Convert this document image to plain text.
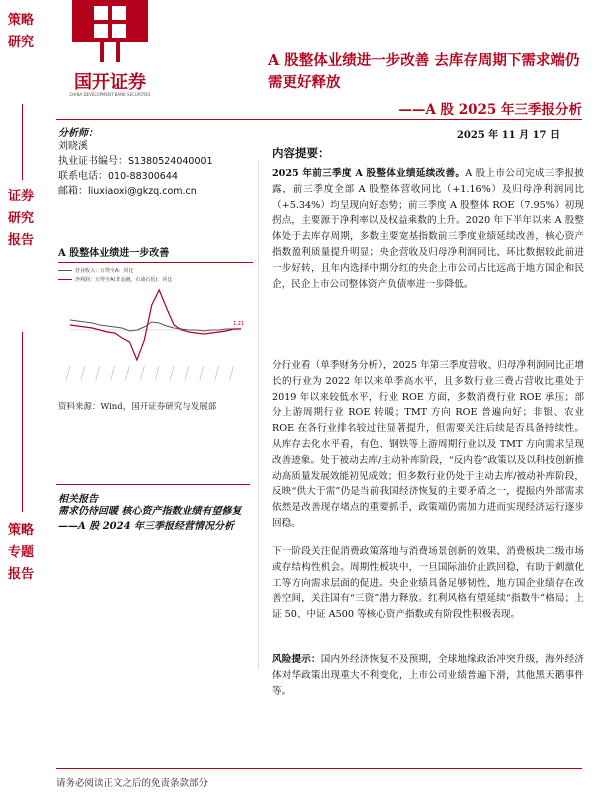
策略研究
证券研究报告
策略专题报告
国开证券
CHINA DEVELOPMENT BANK SECURITIES
A 股整体业绩进一步改善 去库存周期下需求端仍需更好释放
——A 股 2025 年三季报分析
2025 年 11 月 17 日
分析师：
刘晓溪
执业证书编号：S1380524040001
联系电话：010-88300644
邮箱：liuxiaoxi@gkzq.com.cn
A 股整体业绩进一步改善
营业收入：万得全A：同比
净利润：万得全A(非金融、石油石化)：同比
1.21
资料来源：Wind，国开证券研究与发展部
相关报告
需求仍待回暖 核心资产指数业绩有望修复——A 股 2024 年三季报经营情况分析
内容提要：
2025 年前三季度 A 股整体业绩延续改善。A 股上市公司完成三季报披露，前三季度全部 A 股整体营收同比（+1.16%）及归母净利润同比（+5.34%）均呈现向好态势；前三季度 A 股整体 ROE（7.95%）初现拐点，主要源于净利率以及权益乘数的上升。2020 年下半年以来 A 股整体处于去库存周期，多数主要宽基指数前三季度业绩延续改善，核心资产指数盈利质量提升明显；央企营收及归母净利润同比、环比数据较此前进一步好转，且年内选择中期分红的央企上市公司占比远高于地方国企和民企，民企上市公司整体资产负债率进一步降低。
分行业看（单季财务分析），2025 年第三季度营收、归母净利润同比正增长的行业为 2022 年以来单季高水平，且多数行业三费占营收比重处于 2019 年以来较低水平，行业 ROE 方面，多数消费行业 ROE 承压；部分上游周期行业 ROE 转暖；TMT 方向 ROE 普遍向好；非银、农业 ROE 在各行业排名较过往显著提升，但需要关注后续是否具备持续性。从库存去化水平看，有色、钢铁等上游周期行业以及 TMT 方向需求呈现改善迹象。处于被动去库/主动补库阶段，“反内卷”政策以及以科技创新推动高质量发展效能初见成效；但多数行业仍处于主动去库/被动补库阶段，反映“供大于需”仍是当前我国经济恢复的主要矛盾之一，提振内外部需求依然是改善现存堵点的重要抓手，政策端仍需加力进而实现经济运行逐步回稳。
下一阶段关注促消费政策落地与消费场景创新的效果、消费板块二级市场或存结构性机会。周期性板块中，一旦国际油价止跌回稳，有助于刺激化工等方向需求层面的促进。央企业绩具备足够韧性，地方国企业绩存在改善空间，关注国有“三资”潜力释放。红利风格有望延续“指数牛”格局；上证 50、中证 A500 等核心资产指数或有阶段性积极表现。
风险提示：国内外经济恢复不及预期，全球地缘政治冲突升级，海外经济体对华政策出现重大不利变化，上市公司业绩普遍下滑，其他黑天鹅事件等。
请务必阅读正文之后的免责条款部分
